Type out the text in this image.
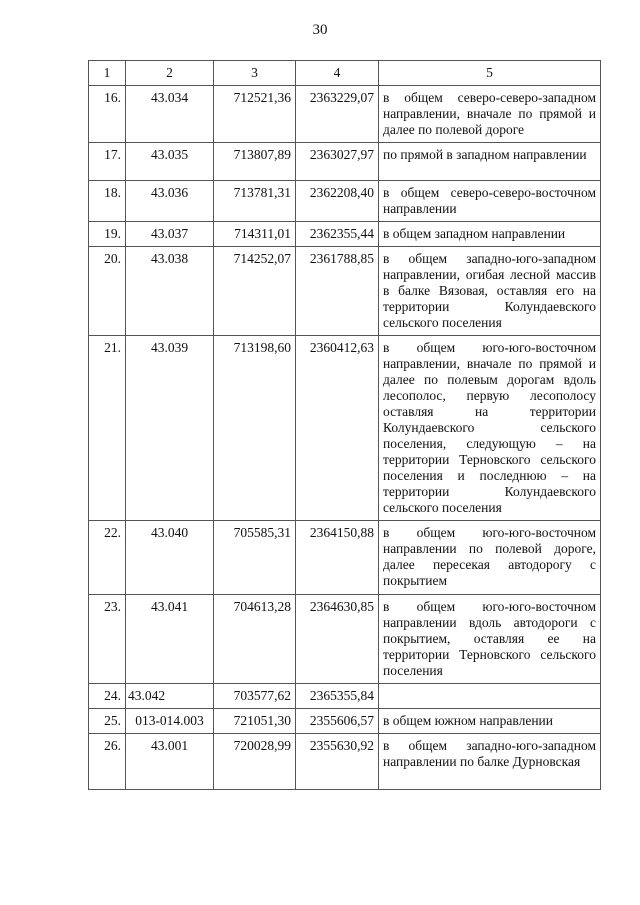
30
1	2	3	4	5
16.	43.034	712521,36	2363229,07	в общем северо-северо-западном направлении, вначале по прямой и далее по полевой дороге
17.	43.035	713807,89	2363027,97	по прямой в западном направлении
18.	43.036	713781,31	2362208,40	в общем северо-северо-восточном направлении
19.	43.037	714311,01	2362355,44	в общем западном направлении
20.	43.038	714252,07	2361788,85	в общем западно-юго-западном направлении, огибая лесной массив в балке Вязовая, оставляя его на территории Колундаевского сельского поселения
21.	43.039	713198,60	2360412,63	в общем юго-юго-восточном направлении, вначале по прямой и далее по полевым дорогам вдоль лесополос, первую лесополосу оставляя на территории Колундаевского сельского поселения, следующую – на территории Терновского сельского поселения и последнюю – на территории Колундаевского сельского поселения
22.	43.040	705585,31	2364150,88	в общем юго-юго-восточном направлении по полевой дороге, далее пересекая автодорогу с покрытием
23.	43.041	704613,28	2364630,85	в общем юго-юго-восточном направлении вдоль автодороги с покрытием, оставляя ее на территории Терновского сельского поселения
24.	43.042	703577,62	2365355,84	
25.	013-014.003	721051,30	2355606,57	в общем южном направлении
26.	43.001	720028,99	2355630,92	в общем западно-юго-западном направлении по балке Дурновская
